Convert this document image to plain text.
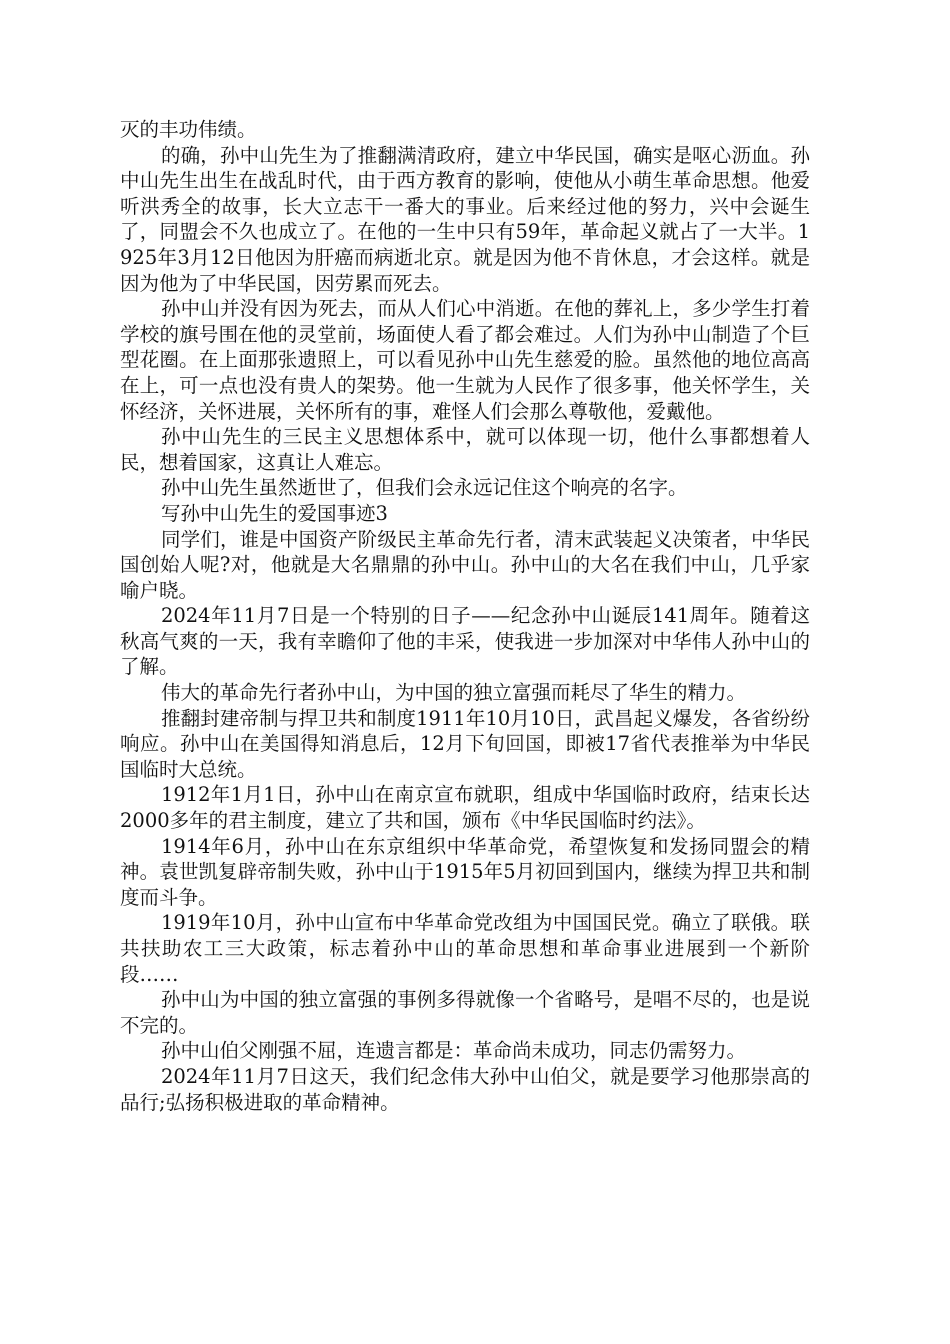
灭的丰功伟绩。

的确，孙中山先生为了推翻满清政府，建立中华民国，确实是呕心沥血。孙中山先生出生在战乱时代，由于西方教育的影响，使他从小萌生革命思想。他爱听洪秀全的故事，长大立志干一番大的事业。后来经过他的努力，兴中会诞生了，同盟会不久也成立了。在他的一生中只有59年，革命起义就占了一大半。1925年3月12日他因为肝癌而病逝北京。就是因为他不肯休息，才会这样。就是因为他为了中华民国，因劳累而死去。

孙中山并没有因为死去，而从人们心中消逝。在他的葬礼上，多少学生打着学校的旗号围在他的灵堂前，场面使人看了都会难过。人们为孙中山制造了个巨型花圈。在上面那张遗照上，可以看见孙中山先生慈爱的脸。虽然他的地位高高在上，可一点也没有贵人的架势。他一生就为人民作了很多事，他关怀学生，关怀经济，关怀进展，关怀所有的事，难怪人们会那么尊敬他，爱戴他。

孙中山先生的三民主义思想体系中，就可以体现一切，他什么事都想着人民，想着国家，这真让人难忘。

孙中山先生虽然逝世了，但我们会永远记住这个响亮的名字。

写孙中山先生的爱国事迹3

同学们，谁是中国资产阶级民主革命先行者，清末武装起义决策者，中华民国创始人呢?对，他就是大名鼎鼎的孙中山。孙中山的大名在我们中山，几乎家喻户晓。

2024年11月7日是一个特别的日子——纪念孙中山诞辰141周年。随着这秋高气爽的一天，我有幸瞻仰了他的丰采，使我进一步加深对中华伟人孙中山的了解。

伟大的革命先行者孙中山，为中国的独立富强而耗尽了华生的精力。

推翻封建帝制与捍卫共和制度1911年10月10日，武昌起义爆发，各省纷纷响应。孙中山在美国得知消息后，12月下旬回国，即被17省代表推举为中华民国临时大总统。

1912年1月1日，孙中山在南京宣布就职，组成中华国临时政府，结束长达2000多年的君主制度，建立了共和国，颁布《中华民国临时约法》。

1914年6月，孙中山在东京组织中华革命党，希望恢复和发扬同盟会的精神。袁世凯复辟帝制失败，孙中山于1915年5月初回到国内，继续为捍卫共和制度而斗争。

1919年10月，孙中山宣布中华革命党改组为中国国民党。确立了联俄。联共扶助农工三大政策，标志着孙中山的革命思想和革命事业进展到一个新阶段……

孙中山为中国的独立富强的事例多得就像一个省略号，是唱不尽的，也是说不完的。

孙中山伯父刚强不屈，连遗言都是：革命尚未成功，同志仍需努力。

2024年11月7日这天，我们纪念伟大孙中山伯父，就是要学习他那崇高的品行;弘扬积极进取的革命精神。
